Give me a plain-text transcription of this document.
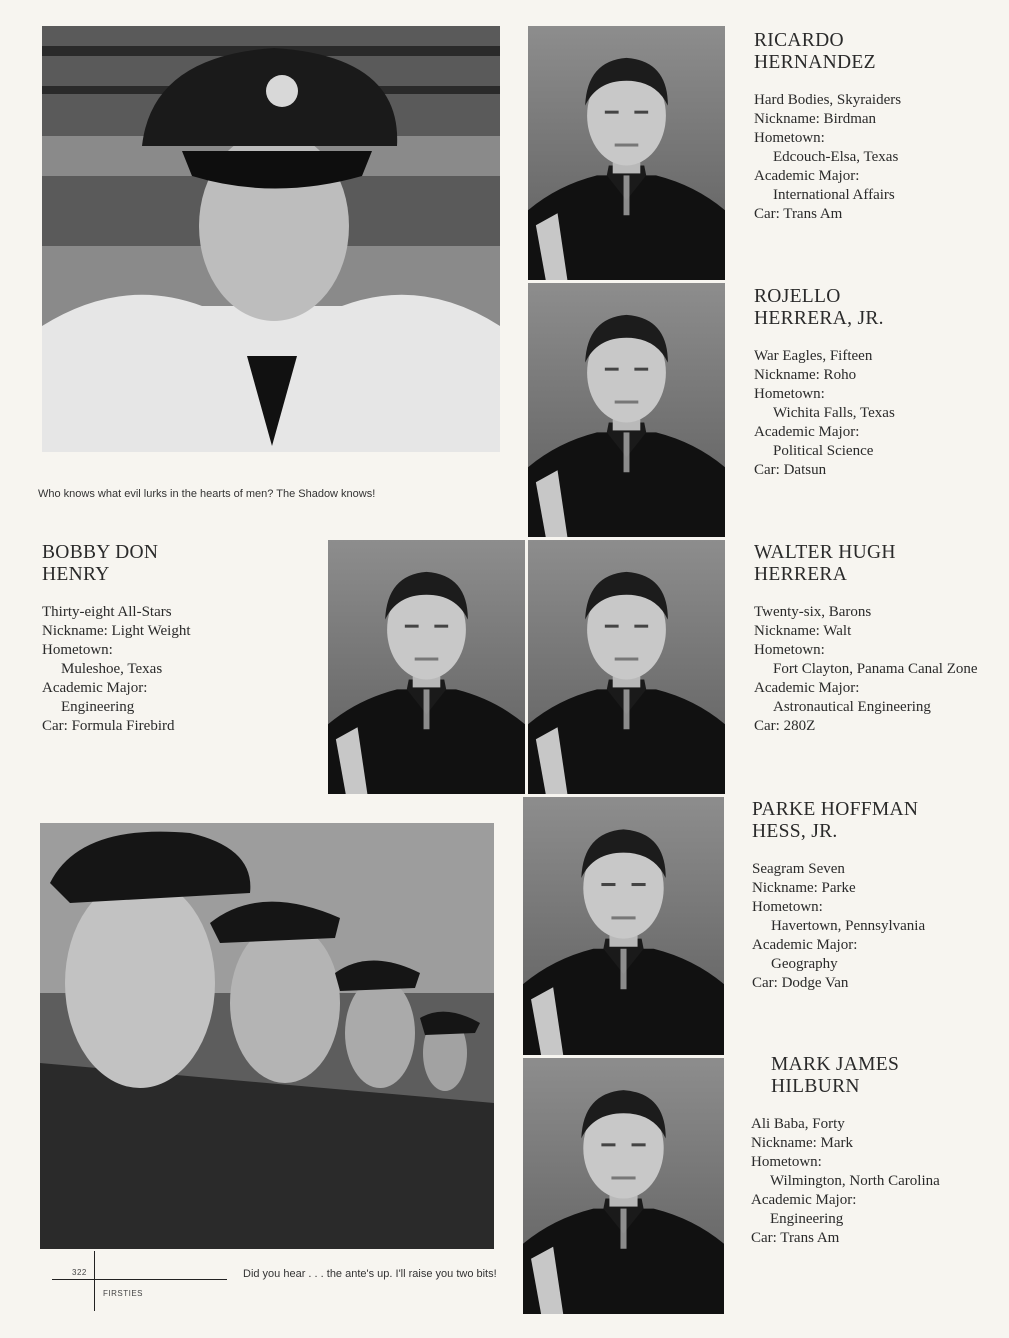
Who knows what evil lurks in the hearts of men? The Shadow knows!
Did you hear . . . the ante's up. I'll raise you two bits!
322
FIRSTIES
RICARDO
HERNANDEZ
Hard Bodies, Skyraiders
Nickname: Birdman
Hometown:
Edcouch-Elsa, Texas
Academic Major:
International Affairs
Car: Trans Am
ROJELLO
HERRERA, JR.
War Eagles, Fifteen
Nickname: Roho
Hometown:
Wichita Falls, Texas
Academic Major:
Political Science
Car: Datsun
BOBBY DON
HENRY
Thirty-eight All-Stars
Nickname: Light Weight
Hometown:
Muleshoe, Texas
Academic Major:
Engineering
Car: Formula Firebird
WALTER HUGH
HERRERA
Twenty-six, Barons
Nickname: Walt
Hometown:
Fort Clayton, Panama Canal Zone
Academic Major:
Astronautical Engineering
Car: 280Z
PARKE HOFFMAN
HESS, JR.
Seagram Seven
Nickname: Parke
Hometown:
Havertown, Pennsylvania
Academic Major:
Geography
Car: Dodge Van
MARK JAMES
HILBURN
Ali Baba, Forty
Nickname: Mark
Hometown:
Wilmington, North Carolina
Academic Major:
Engineering
Car: Trans Am
